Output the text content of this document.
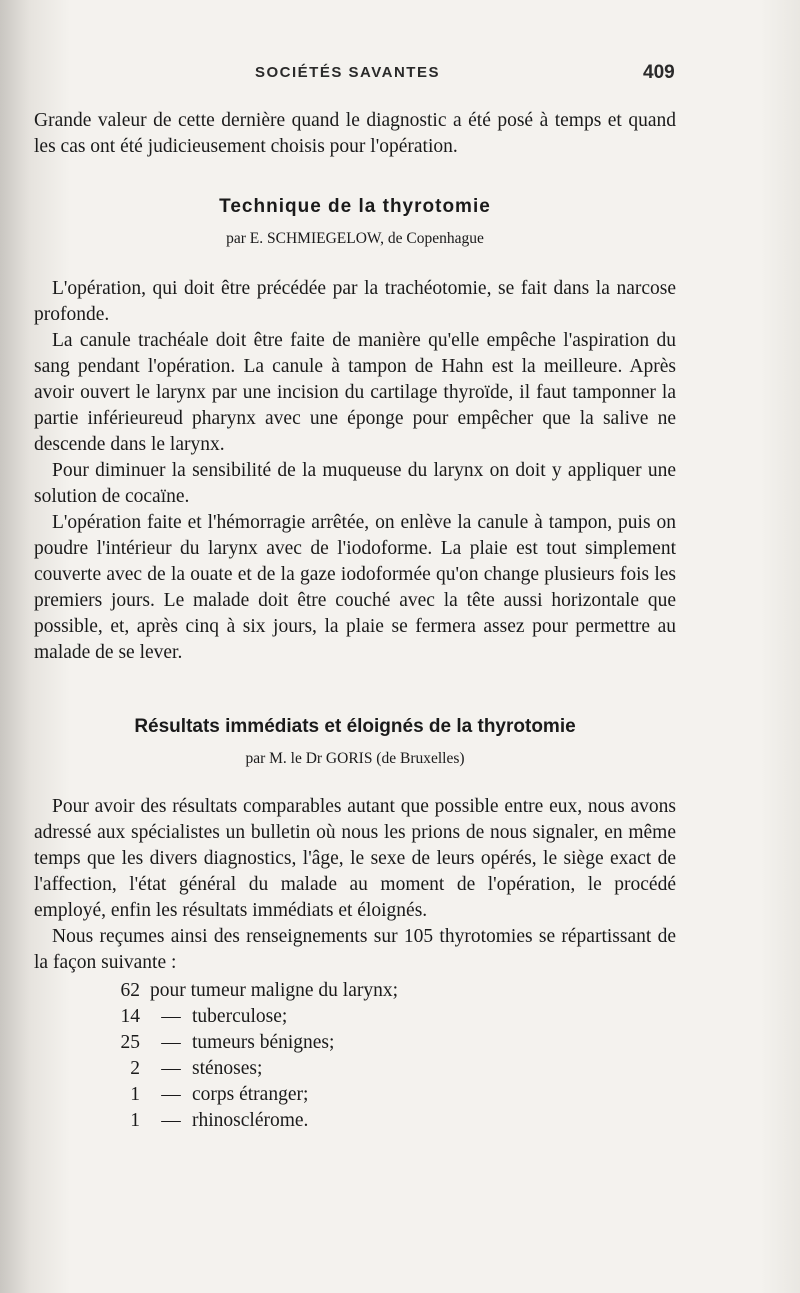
SOCIÉTÉS SAVANTES	409

Grande valeur de cette dernière quand le diagnostic a été posé à temps et quand les cas ont été judicieusement choisis pour l'opération.

Technique de la thyrotomie
par E. SCHMIEGELOW, de Copenhague

L'opération, qui doit être précédée par la trachéotomie, se fait dans la narcose profonde.

La canule trachéale doit être faite de manière qu'elle empêche l'aspiration du sang pendant l'opération. La canule à tampon de Hahn est la meilleure. Après avoir ouvert le larynx par une incision du cartilage thyroïde, il faut tamponner la partie inférieureud pharynx avec une éponge pour empêcher que la salive ne descende dans le larynx.

Pour diminuer la sensibilité de la muqueuse du larynx on doit y appliquer une solution de cocaïne.

L'opération faite et l'hémorragie arrêtée, on enlève la canule à tampon, puis on poudre l'intérieur du larynx avec de l'iodoforme. La plaie est tout simplement couverte avec de la ouate et de la gaze iodoformée qu'on change plusieurs fois les premiers jours. Le malade doit être couché avec la tête aussi horizontale que possible, et, après cinq à six jours, la plaie se fermera assez pour permettre au malade de se lever.

Résultats immédiats et éloignés de la thyrotomie
par M. le Dr GORIS (de Bruxelles)

Pour avoir des résultats comparables autant que possible entre eux, nous avons adressé aux spécialistes un bulletin où nous les prions de nous signaler, en même temps que les divers diagnostics, l'âge, le sexe de leurs opérés, le siège exact de l'affection, l'état général du malade au moment de l'opération, le procédé employé, enfin les résultats immédiats et éloignés.

Nous reçumes ainsi des renseignements sur 105 thyrotomies se répartissant de la façon suivante :

62 pour tumeur maligne du larynx;
14	— tuberculose;
25	— tumeurs bénignes;
2	— sténoses;
1	— corps étranger;
1	— rhinosclérome.
